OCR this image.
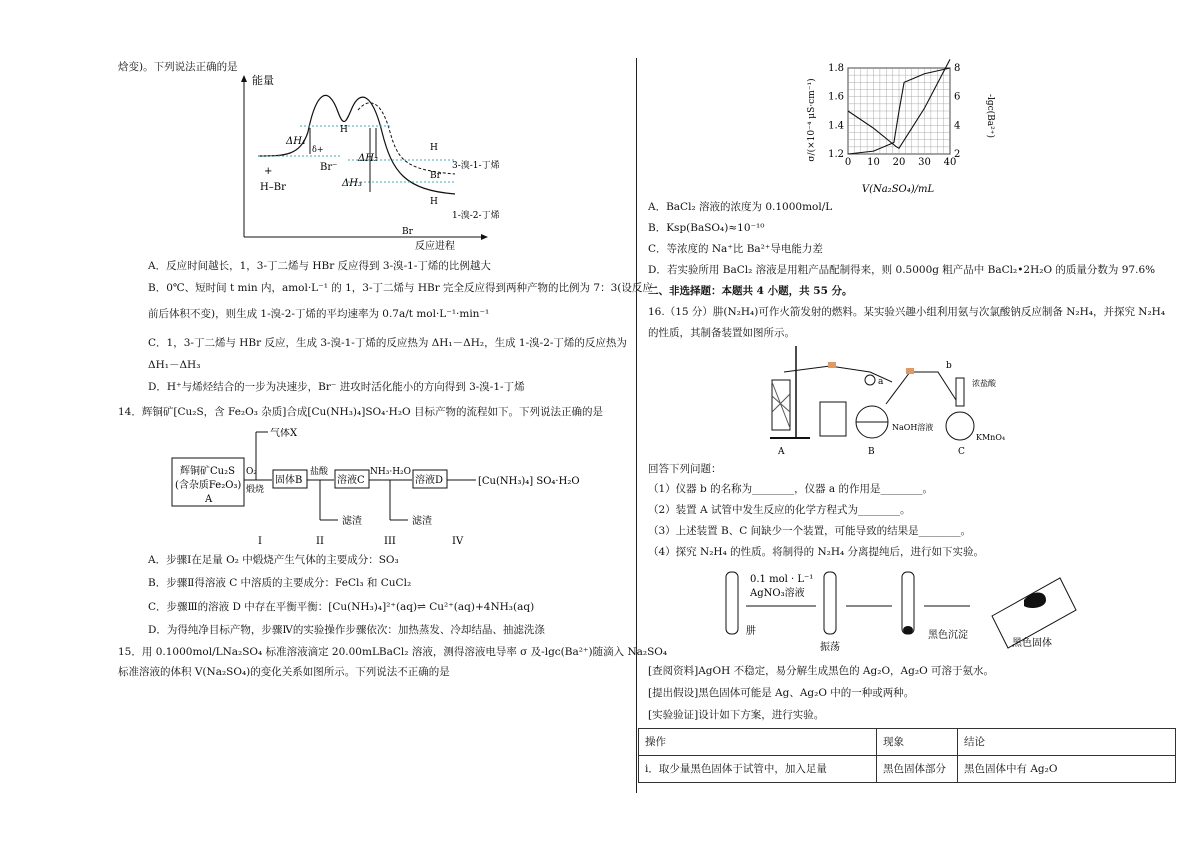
焓变)。下列说法正确的是
能量
反应进程
ΔH₁
ΔH₂
ΔH₃
+
H–Br
Br⁻
δ+
H
3-溴-1-丁烯
H
Br
1-溴-2-丁烯
H
Br
A．反应时间越长，1，3-丁二烯与 HBr 反应得到 3-溴-1-丁烯的比例越大
B．0℃、短时间 t min 内，amol·L⁻¹ 的 1，3-丁二烯与 HBr 完全反应得到两种产物的比例为 7：3(设反应
前后体积不变)，则生成 1-溴-2-丁烯的平均速率为 0.7a/t mol·L⁻¹·min⁻¹
C．1，3-丁二烯与 HBr 反应，生成 3-溴-1-丁烯的反应热为 ΔH₁－ΔH₂，生成 1-溴-2-丁烯的反应热为
ΔH₁－ΔH₃
D．H⁺与烯烃结合的一步为决速步，Br⁻ 进攻时活化能小的方向得到 3-溴-1-丁烯
14．辉铜矿[Cu₂S，含 Fe₂O₃ 杂质]合成[Cu(NH₃)₄]SO₄·H₂O 目标产物的流程如下。下列说法正确的是
辉铜矿Cu₂S
(含杂质Fe₂O₃)
A
气体X
O₂
煅烧
固体B
盐酸
溶液C
滤渣
NH₃·H₂O
溶液D
滤渣
[Cu(NH₃)₄] SO₄·H₂O
I	II	III	IV
A．步骤Ⅰ在足量 O₂ 中煅烧产生气体的主要成分：SO₃
B．步骤Ⅱ得溶液 C 中溶质的主要成分：FeCl₃ 和 CuCl₂
C．步骤Ⅲ的溶液 D 中存在平衡平衡：[Cu(NH₃)₄]²⁺(aq)⇌ Cu²⁺(aq)+4NH₃(aq)
D．为得纯净目标产物，步骤Ⅳ的实验操作步骤依次：加热蒸发、冷却结晶、抽滤洗涤
15．用 0.1000mol/LNa₂SO₄ 标准溶液滴定 20.00mLBaCl₂ 溶液，测得溶液电导率 σ 及-lgc(Ba²⁺)随滴入 Na₂SO₄
标准溶液的体积 V(Na₂SO₄)的变化关系如图所示。下列说法不正确的是
0 10 20 30 40
1.2
1.4
1.6
1.8
2
4
6
8
σ/(×10⁻⁴ μS·cm⁻¹)	-lgc(Ba²⁺)
V(Na₂SO₄)/mL
A．BaCl₂ 溶液的浓度为 0.1000mol/L
B．Ksp(BaSO₄)≈10⁻¹⁰
C．等浓度的 Na⁺比 Ba²⁺导电能力差
D．若实验所用 BaCl₂ 溶液是用粗产品配制得来，则 0.5000g 粗产品中 BaCl₂•2H₂O 的质量分数为 97.6%
二、非选择题：本题共 4 小题，共 55 分。
16.（15 分）肼(N₂H₄)可作火箭发射的燃料。某实验兴趣小组利用氨与次氯酸钠反应制备 N₂H₄，并探究 N₂H₄
的性质，其制备装置如图所示。
a
NaOH溶液
b
浓盐酸
KMnO₄
A	B	C
回答下列问题：
（1）仪器 b 的名称为________，仪器 a 的作用是________。
（2）装置 A 试管中发生反应的化学方程式为________。
（3）上述装置 B、C 间缺少一个装置，可能导致的结果是________。
（4）探究 N₂H₄ 的性质。将制得的 N₂H₄ 分离提纯后，进行如下实验。
肼
0.1 mol · L⁻¹
AgNO₃溶液
振荡
黑色沉淀
黑色固体
[查阅资料]AgOH 不稳定，易分解生成黑色的 Ag₂O，Ag₂O 可溶于氨水。
[提出假设]黑色固体可能是 Ag、Ag₂O 中的一种或两种。
[实验验证]设计如下方案，进行实验。
操作	现象	结论
i．取少量黑色固体于试管中，加入足量	黑色固体部分	黑色固体中有 Ag₂O
